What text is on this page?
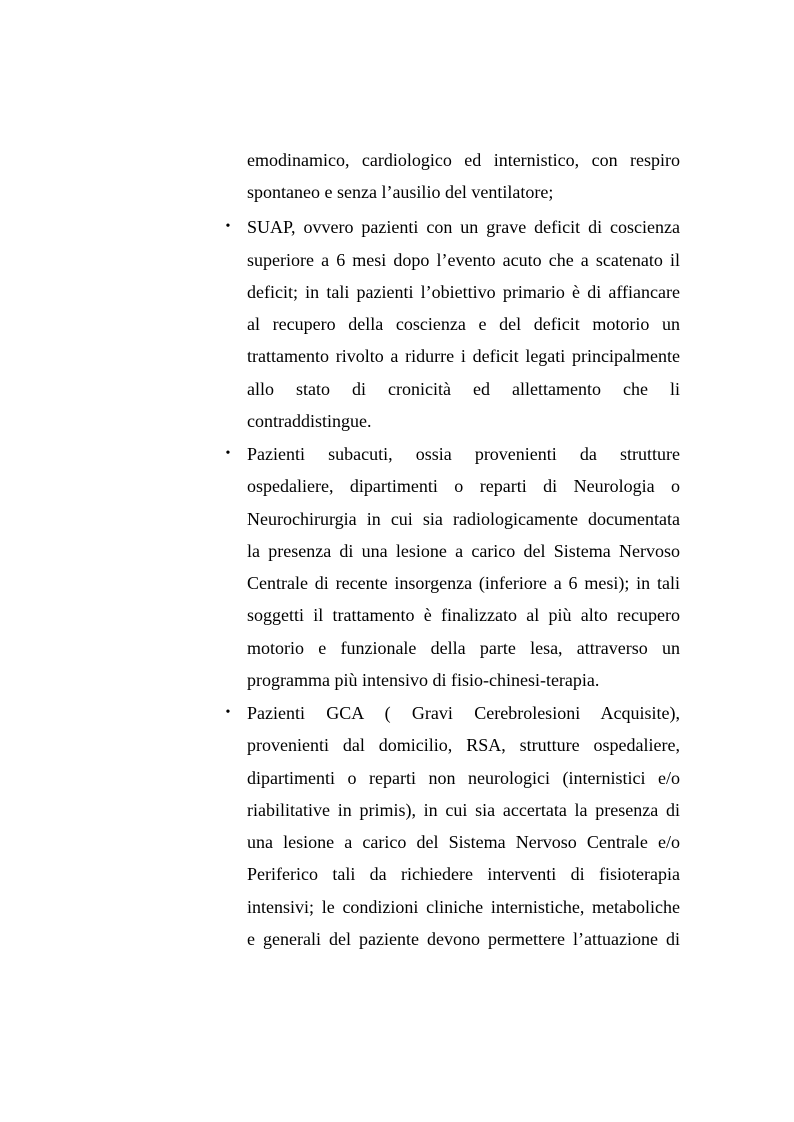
emodinamico, cardiologico ed internistico, con respiro
spontaneo e senza l’ausilio del ventilatore;
• SUAP, ovvero pazienti con un grave deficit di coscienza
superiore a 6 mesi dopo l’evento acuto che a scatenato il
deficit; in tali pazienti l’obiettivo primario è di affiancare
al recupero della coscienza e del deficit motorio un
trattamento rivolto a ridurre i deficit legati principalmente
allo stato di cronicità ed allettamento che li
contraddistingue.
• Pazienti subacuti, ossia provenienti da strutture
ospedaliere, dipartimenti o reparti di Neurologia o
Neurochirurgia in cui sia radiologicamente documentata
la presenza di una lesione a carico del Sistema Nervoso
Centrale di recente insorgenza (inferiore a 6 mesi); in tali
soggetti il trattamento è finalizzato al più alto recupero
motorio e funzionale della parte lesa, attraverso un
programma più intensivo di fisio-chinesi-terapia.
• Pazienti GCA ( Gravi Cerebrolesioni Acquisite),
provenienti dal domicilio, RSA, strutture ospedaliere,
dipartimenti o reparti non neurologici (internistici e/o
riabilitative in primis), in cui sia accertata la presenza di
una lesione a carico del Sistema Nervoso Centrale e/o
Periferico tali da richiedere interventi di fisioterapia
intensivi; le condizioni cliniche internistiche, metaboliche
e generali del paziente devono permettere l’attuazione di
